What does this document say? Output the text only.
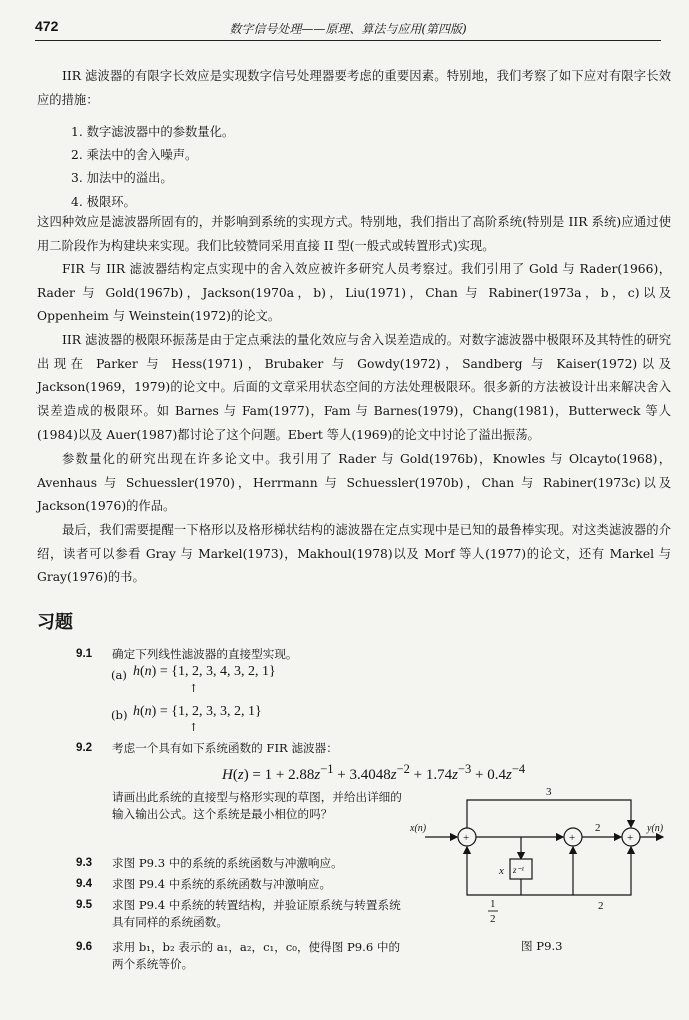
472	数字信号处理——原理、算法与应用(第四版)
IIR 滤波器的有限字长效应是实现数字信号处理器要考虑的重要因素。特别地，我们考察了如下应对有限字长效应的措施：
1. 数字滤波器中的参数量化。
2. 乘法中的舍入噪声。
3. 加法中的溢出。
4. 极限环。
这四种效应是滤波器所固有的，并影响到系统的实现方式。特别地，我们指出了高阶系统(特别是 IIR 系统)应通过使用二阶段作为构建块来实现。我们比较赞同采用直接 II 型(一般式或转置形式)实现。
FIR 与 IIR 滤波器结构定点实现中的舍入效应被许多研究人员考察过。我们引用了 Gold 与 Rader(1966)，Rader 与 Gold(1967b)，Jackson(1970a，b)，Liu(1971)，Chan 与 Rabiner(1973a，b，c)以及 Oppenheim 与 Weinstein(1972)的论文。
IIR 滤波器的极限环振荡是由于定点乘法的量化效应与舍入误差造成的。对数字滤波器中极限环及其特性的研究出现在 Parker 与 Hess(1971)，Brubaker 与 Gowdy(1972)，Sandberg 与 Kaiser(1972)以及 Jackson(1969，1979)的论文中。后面的文章采用状态空间的方法处理极限环。很多新的方法被设计出来解决舍入误差造成的极限环。如 Barnes 与 Fam(1977)，Fam 与 Barnes(1979)，Chang(1981)，Butterweck 等人(1984)以及 Auer(1987)都讨论了这个问题。Ebert 等人(1969)的论文中讨论了溢出振荡。
参数量化的研究出现在许多论文中。我引用了 Rader 与 Gold(1976b)，Knowles 与 Olcayto(1968)，Avenhaus 与 Schuessler(1970)，Herrmann 与 Schuessler(1970b)，Chan 与 Rabiner(1973c)以及 Jackson(1976)的作品。
最后，我们需要提醒一下格形以及格形梯状结构的滤波器在定点实现中是已知的最鲁棒实现。对这类滤波器的介绍，读者可以参看 Gray 与 Markel(1973)，Makhoul(1978)以及 Morf 等人(1977)的论文，还有 Markel 与 Gray(1976)的书。
习题
9.1 确定下列线性滤波器的直接型实现。
(a) h(n) = {1, 2, 3, 4, 3, 2, 1}
↑
(b) h(n) = {1, 2, 3, 3, 2, 1}
↑
9.2 考虑一个具有如下系统函数的 FIR 滤波器：
$H(z) = 1 + 2.88z^{-1} + 3.4048z^{-2} + 1.74z^{-3} + 0.4z^{-4}$
请画出此系统的直接型与格形实现的草图，并给出详细的输入输出公式。这个系统是最小相位的吗？
9.3 求图 P9.3 中的系统的系统函数与冲激响应。
9.4 求图 P9.4 中系统的系统函数与冲激响应。
9.5 求图 P9.4 中系统的转置结构，并验证原系统与转置系统具有同样的系统函数。
9.6 求用 b₁，b₂ 表示的 a₁，a₂，c₁，c₀，使得图 P9.6 中的两个系统等价。
+	+	+
x(n)	y(n)
3
2
2
x z⁻¹
1
2
图 P9.3
